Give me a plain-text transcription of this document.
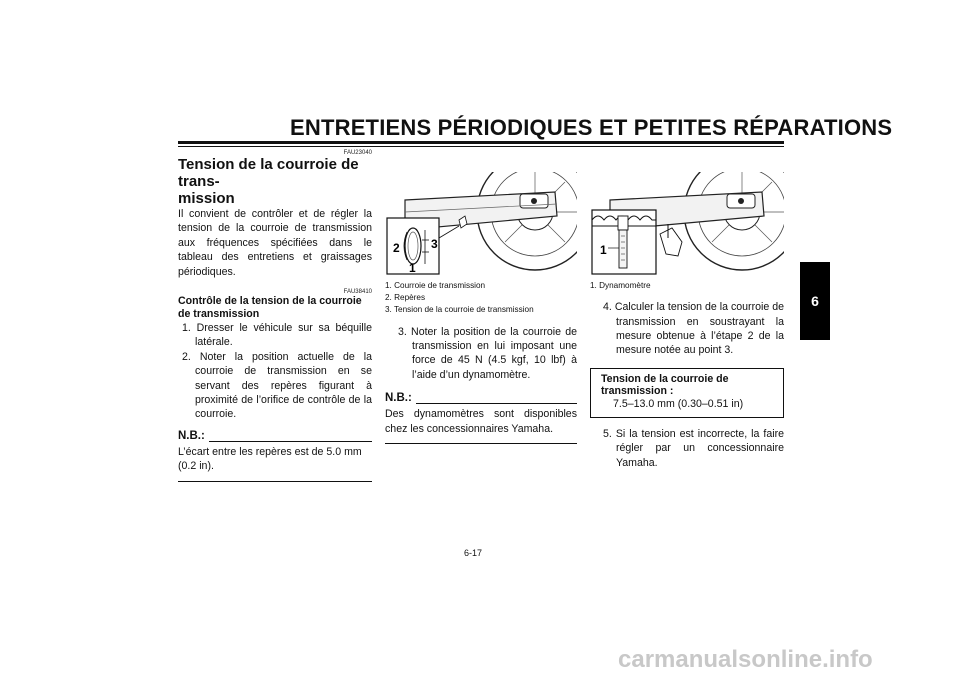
ENTRETIENS PÉRIODIQUES ET PETITES RÉPARATIONS
6
FAU23040
Tension de la courroie de trans-
mission
Il convient de contrôler et de régler la tension de la courroie de transmission aux fréquences spécifiées dans le tableau des entretiens et graissages périodiques.
FAU38410
Contrôle de la tension de la courroie de transmission
1. Dresser le véhicule sur sa béquille latérale.
2. Noter la position actuelle de la courroie de transmission en se servant des repères figurant à proximité de l’orifice de contrôle de la courroie.
N.B.:
L’écart entre les repères est de 5.0 mm (0.2 in).
2	3
1
1. Courroie de transmission
2. Repères
3. Tension de la courroie de transmission
3. Noter la position de la courroie de transmission en lui imposant une force de 45 N (4.5 kgf, 10 lbf) à l’aide d’un dynamomètre.
N.B.:
Des dynamomètres sont disponibles chez les concessionnaires Yamaha.
1
1. Dynamomètre
4. Calculer la tension de la courroie de transmission en soustrayant la mesure obtenue à l’étape 2 de la mesure notée au point 3.
Tension de la courroie de transmission :
7.5–13.0 mm (0.30–0.51 in)
5. Si la tension est incorrecte, la faire régler par un concessionnaire Yamaha.
6-17
carmanualsonline.info
